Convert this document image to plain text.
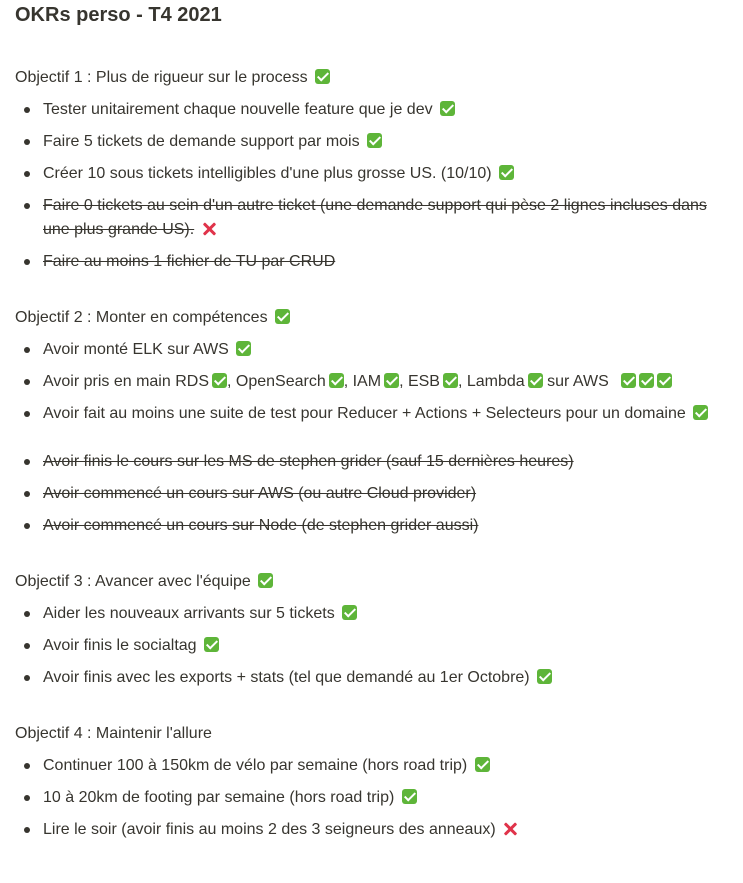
OKRs perso - T4 2021
Objectif 1 : Plus de rigueur sur le process
Tester unitairement chaque nouvelle feature que je dev
Faire 5 tickets de demande support par mois
Créer 10 sous tickets intelligibles d'une plus grosse US. (10/10)
Faire 0 tickets au sein d'un autre ticket (une demande support qui pèse 2 lignes incluses dans une plus grande US).
Faire au moins 1 fichier de TU par CRUD
Objectif 2 : Monter en compétences
Avoir monté ELK sur AWS
Avoir pris en main RDS , OpenSearch , IAM , ESB , Lambda sur AWS
Avoir fait au moins une suite de test pour Reducer + Actions + Selecteurs pour un domaine
Avoir finis le cours sur les MS de stephen grider (sauf 15 dernières heures)
Avoir commencé un cours sur AWS (ou autre Cloud provider)
Avoir commencé un cours sur Node (de stephen grider aussi)
Objectif 3 : Avancer avec l'équipe
Aider les nouveaux arrivants sur 5 tickets
Avoir finis le socialtag
Avoir finis avec les exports + stats (tel que demandé au 1er Octobre)
Objectif 4 : Maintenir l'allure
Continuer 100 à 150km de vélo par semaine (hors road trip)
10 à 20km de footing par semaine (hors road trip)
Lire le soir (avoir finis au moins 2 des 3 seigneurs des anneaux)
